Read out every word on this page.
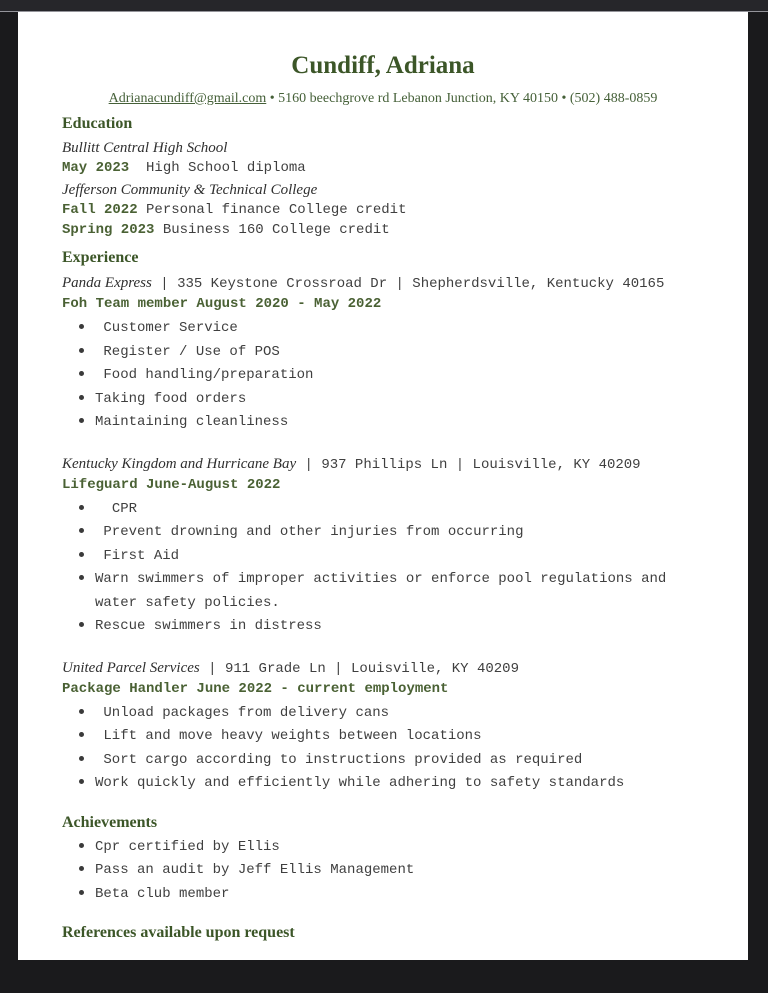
Cundiff, Adriana
Adrianacundiff@gmail.com • 5160 beechgrove rd Lebanon Junction, KY 40150 • (502) 488-0859
Education

Bullitt Central High School

May 2023  High School diploma

Jefferson Community & Technical College

Fall 2022 Personal finance College credit

Spring 2023 Business 160 College credit

Experience

Panda Express | 335 Keystone Crossroad Dr | Shepherdsville, Kentucky 40165

Foh Team member August 2020 - May 2022

Customer Service
Register / Use of POS
Food handling/preparation
Taking food orders
Maintaining cleanliness

Kentucky Kingdom and Hurricane Bay | 937 Phillips Ln | Louisville, KY 40209

Lifeguard June-August 2022

CPR
Prevent drowning and other injuries from occurring
First Aid
Warn swimmers of improper activities or enforce pool regulations and water safety policies.
Rescue swimmers in distress

United Parcel Services | 911 Grade Ln | Louisville, KY 40209

Package Handler June 2022 - current employment

Unload packages from delivery cans
Lift and move heavy weights between locations
Sort cargo according to instructions provided as required
Work quickly and efficiently while adhering to safety standards
Achievements
Cpr certified by Ellis
Pass an audit by Jeff Ellis Management
Beta club member

References available upon request
